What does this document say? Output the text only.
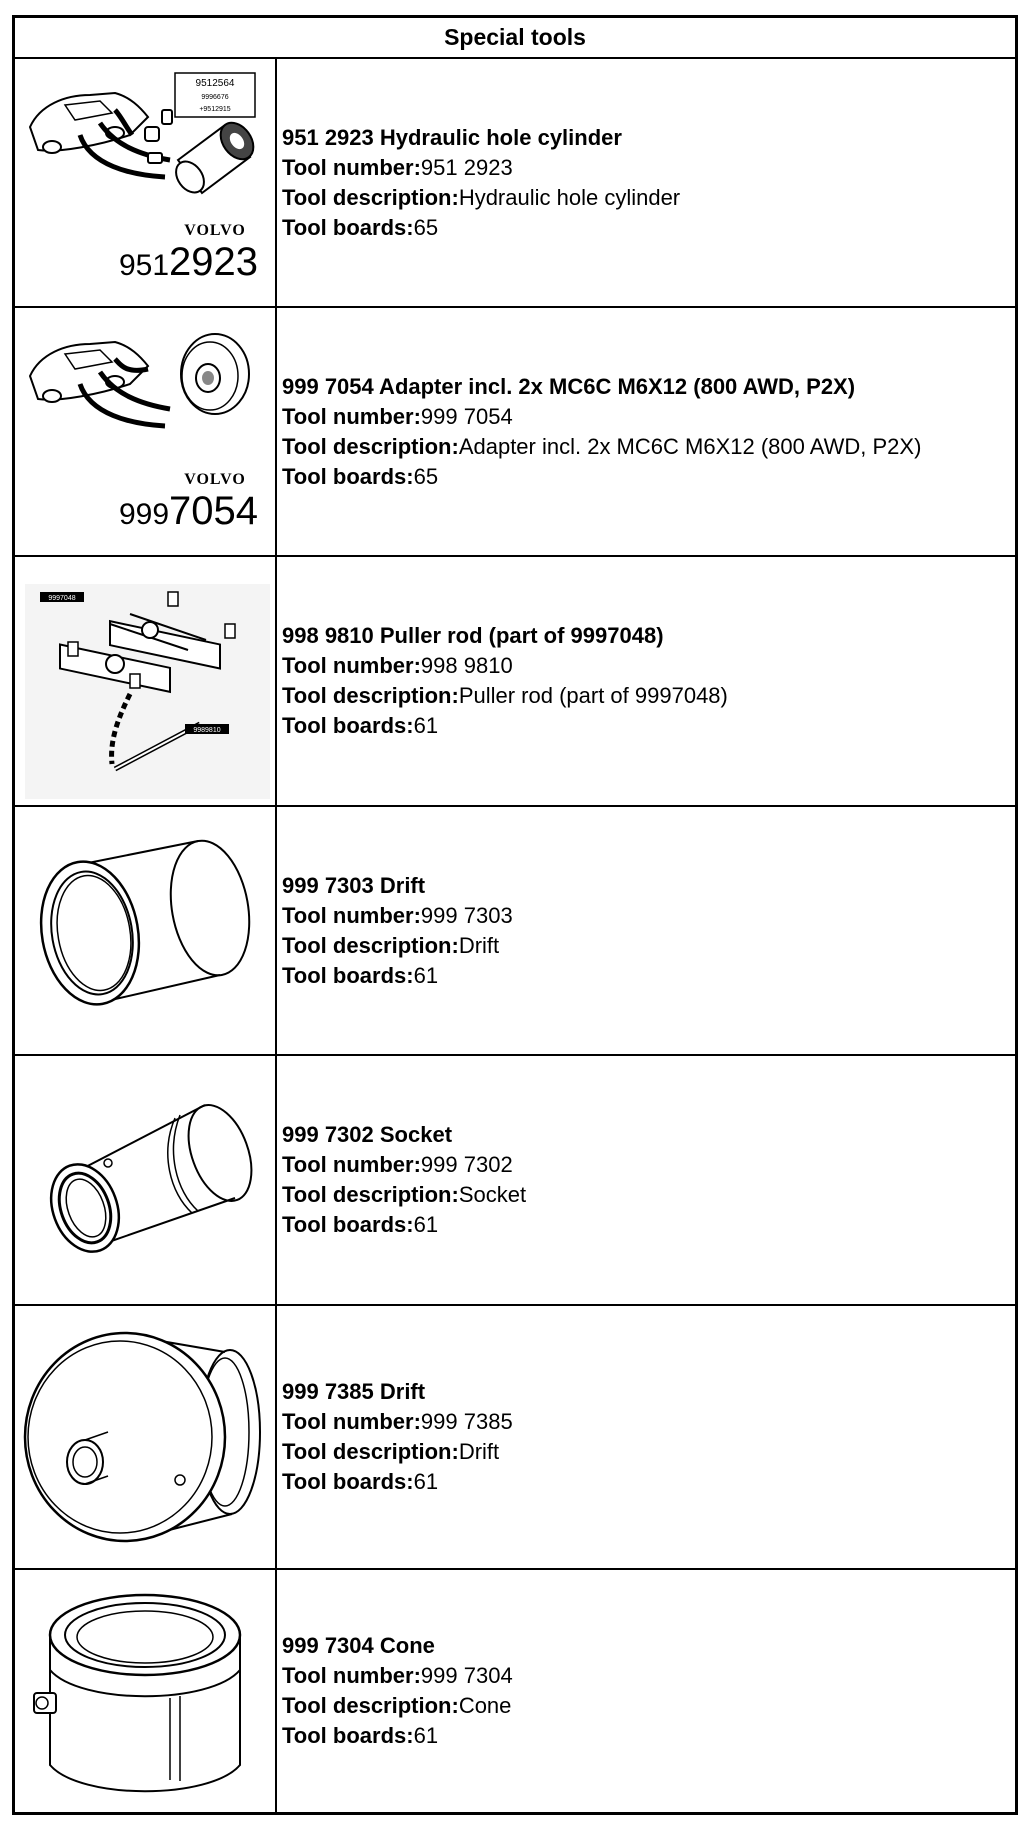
Special tools
9512564
9996676
+9512915
VOLVO
9512923
951 2923 Hydraulic hole cylinder
Tool number:951 2923
Tool description:Hydraulic hole cylinder
Tool boards:65
VOLVO
9997054
999 7054 Adapter incl. 2x MC6C M6X12 (800 AWD, P2X)
Tool number:999 7054
Tool description:Adapter incl. 2x MC6C M6X12 (800 AWD, P2X)
Tool boards:65
9997048
9989810
998 9810 Puller rod (part of 9997048)
Tool number:998 9810
Tool description:Puller rod (part of 9997048)
Tool boards:61
999 7303 Drift
Tool number:999 7303
Tool description:Drift
Tool boards:61
999 7302 Socket
Tool number:999 7302
Tool description:Socket
Tool boards:61
999 7385 Drift
Tool number:999 7385
Tool description:Drift
Tool boards:61
999 7304 Cone
Tool number:999 7304
Tool description:Cone
Tool boards:61
